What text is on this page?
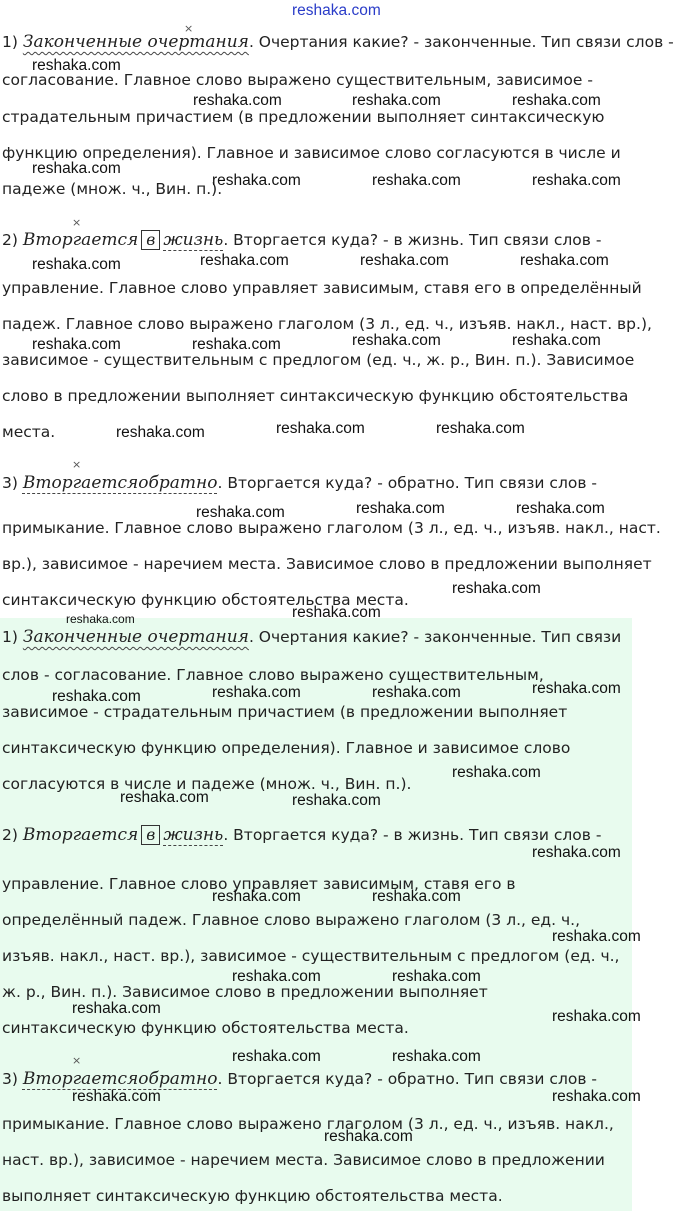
1) Законченные очертания. Очертания какие? - законченные. Тип связи слов -
согласование. Главное слово выражено существительным, зависимое -
страдательным причастием (в предложении выполняет синтаксическую
функцию определения). Главное и зависимое слово согласуются в числе и
падеже (множ. ч., Вин. п.).
2) Вторгается в жизнь. Вторгается куда? - в жизнь. Тип связи слов -
управление. Главное слово управляет зависимым, ставя его в определённый
падеж. Главное слово выражено глаголом (3 л., ед. ч., изъяв. накл., наст. вр.),
зависимое - существительным с предлогом (ед. ч., ж. р., Вин. п.). Зависимое
слово в предложении выполняет синтаксическую функцию обстоятельства
места.
3) Вторгаетсяобратно. Вторгается куда? - обратно. Тип связи слов -
примыкание. Главное слово выражено глаголом (3 л., ед. ч., изъяв. накл., наст.
вр.), зависимое - наречием места. Зависимое слово в предложении выполняет
синтаксическую функцию обстоятельства места.
1) Законченные очертания. Очертания какие? - законченные. Тип связи
слов - согласование. Главное слово выражено существительным,
зависимое - страдательным причастием (в предложении выполняет
синтаксическую функцию определения). Главное и зависимое слово
согласуются в числе и падеже (множ. ч., Вин. п.).
2) Вторгается в жизнь. Вторгается куда? - в жизнь. Тип связи слов -
управление. Главное слово управляет зависимым, ставя его в
определённый падеж. Главное слово выражено глаголом (3 л., ед. ч.,
изъяв. накл., наст. вр.), зависимое - существительным с предлогом (ед. ч.,
ж. р., Вин. п.). Зависимое слово в предложении выполняет
синтаксическую функцию обстоятельства места.
3) Вторгаетсяобратно. Вторгается куда? - обратно. Тип связи слов -
примыкание. Главное слово выражено глаголом (3 л., ед. ч., изъяв. накл.,
наст. вр.), зависимое - наречием места. Зависимое слово в предложении
выполняет синтаксическую функцию обстоятельства места.
×
×
×
×
reshaka.com
reshaka.com
reshaka.com	reshaka.com	reshaka.com
reshaka.com
reshaka.com	reshaka.com	reshaka.com
reshaka.com	reshaka.com	reshaka.com	reshaka.com
reshaka.com	reshaka.com	reshaka.com	reshaka.com
reshaka.com	reshaka.com	reshaka.com
reshaka.com	reshaka.com	reshaka.com
reshaka.com
reshaka.com
reshaka.com
reshaka.com	reshaka.com	reshaka.com	reshaka.com
reshaka.com
reshaka.com	reshaka.com
reshaka.com
reshaka.com	reshaka.com
reshaka.com
reshaka.com	reshaka.com
reshaka.com	reshaka.com
reshaka.com	reshaka.com
reshaka.com	reshaka.com
reshaka.com
